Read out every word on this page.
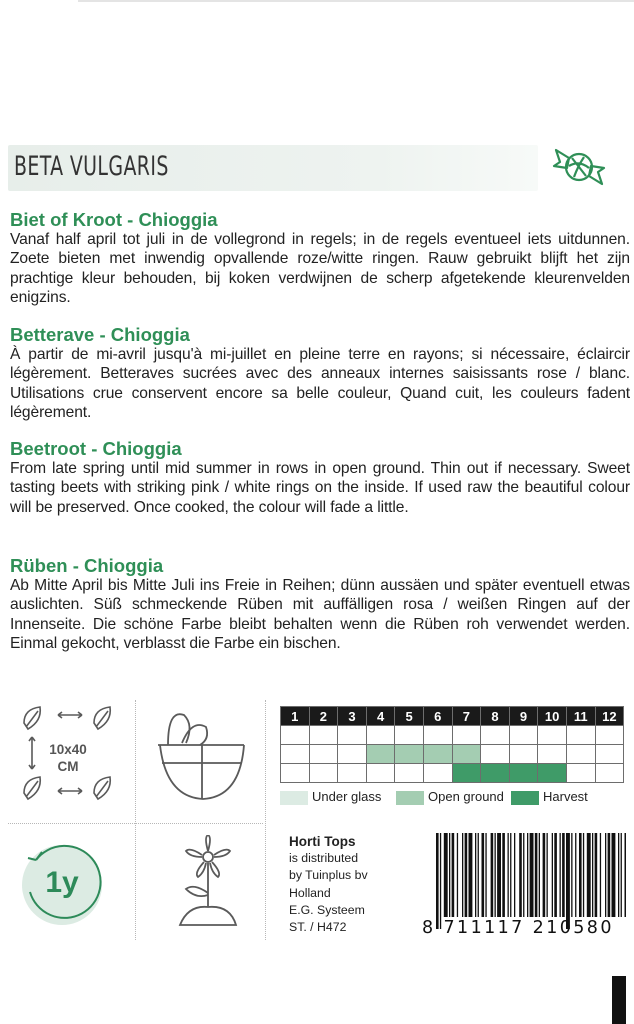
BETA VULGARIS

Biet of Kroot - Chioggia

Vanaf half april tot juli in de vollegrond in regels; in de regels eventueel iets uitdunnen. Zoete bieten met inwendig opvallende roze/witte ringen. Rauw gebruikt blijft het zijn prachtige kleur behouden, bij koken verdwijnen de scherp afgetekende kleurenvelden enigzins.

Betterave - Chioggia

À partir de mi-avril jusqu'à mi-juillet en pleine terre en rayons; si nécessaire, éclaircir légèrement. Betteraves sucrées avec des anneaux internes saisissants rose / blanc. Utilisations crue conservent encore sa belle couleur, Quand cuit, les couleurs fadent légèrement.

Beetroot - Chioggia

From late spring until mid summer in rows in open ground. Thin out if necessary. Sweet tasting beets with striking pink / white rings on the inside. If used raw the beautiful colour will be preserved. Once cooked, the colour will fade a little.

Rüben - Chioggia

Ab Mitte April bis Mitte Juli ins Freie in Reihen; dünn aussäen und später eventuell etwas auslichten. Süß schmeckende Rüben mit auffälligen rosa / weißen Ringen auf der Innenseite. Die schöne Farbe bleibt behalten wenn die Rüben roh verwendet werden. Einmal gekocht, verblasst die Farbe ein bischen.

10x40
CM
1y
1	2	3	4	5	6	7	8	9	10	11	12

Under glass	Open ground	Harvest
Horti Tops
is distributed
by Tuinplus bv
Holland
E.G. Systeem
ST. / H472	8 711117 210580
